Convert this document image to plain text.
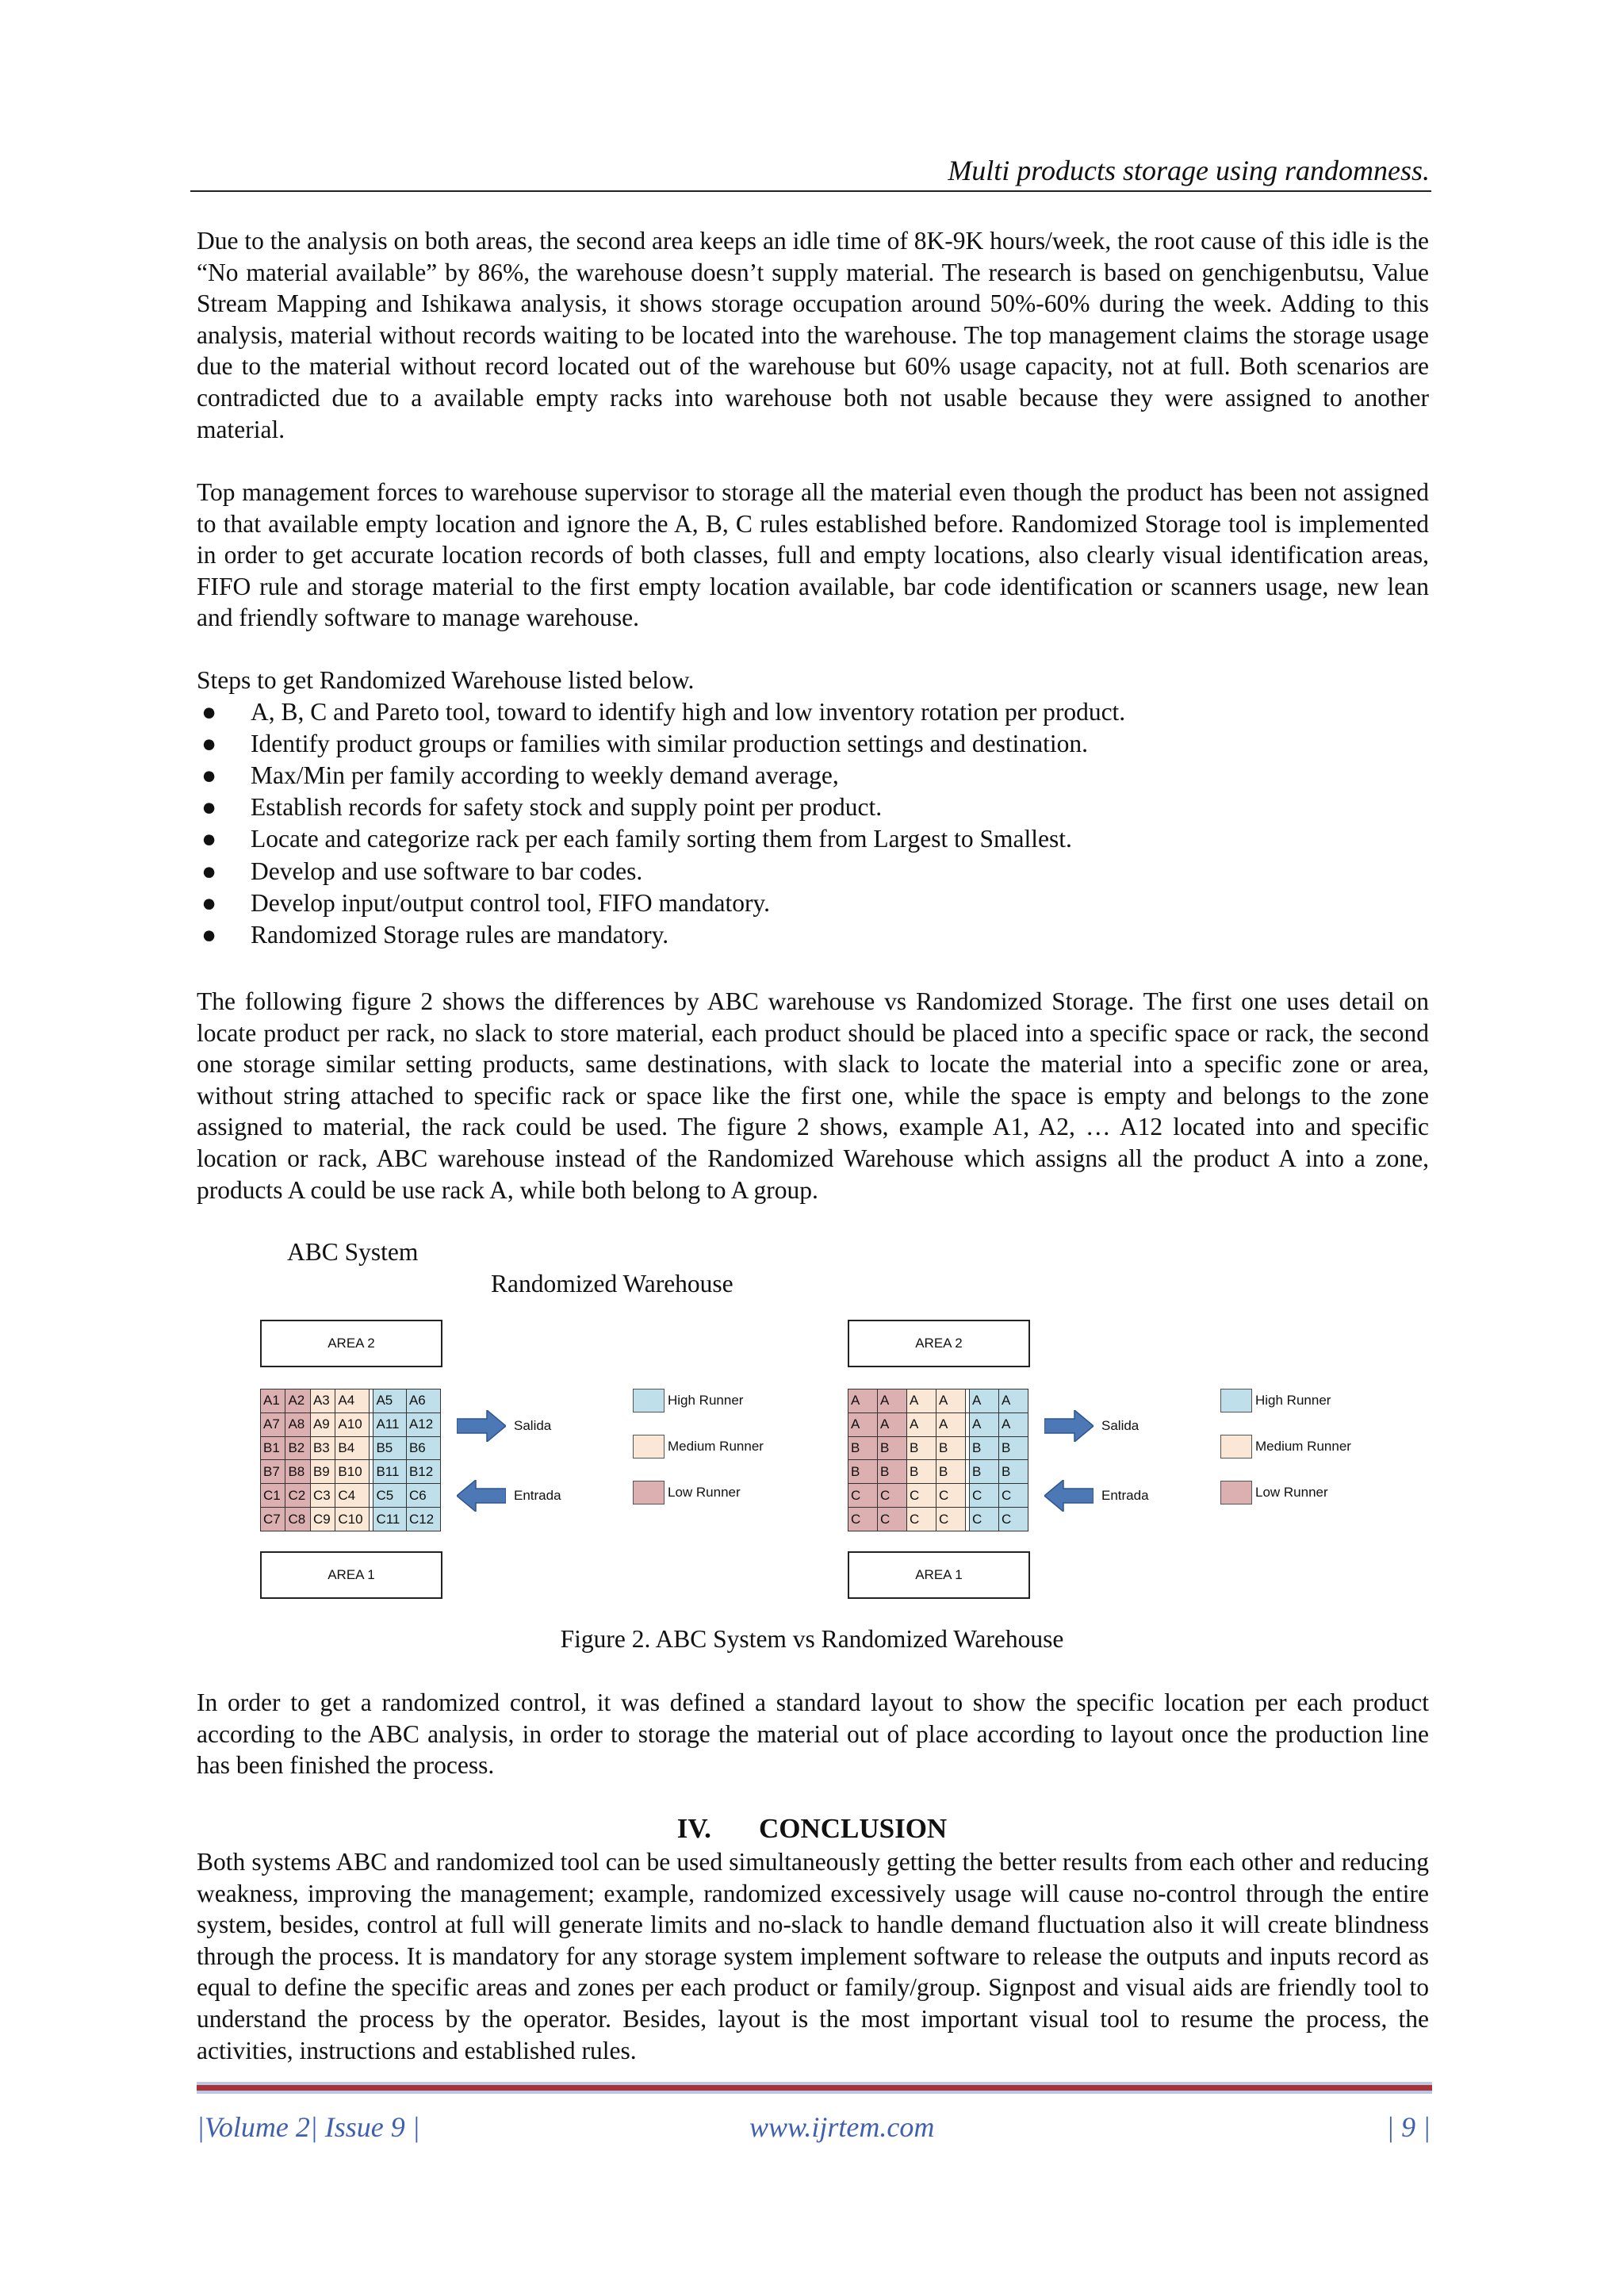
Multi products storage using randomness.

Due to the analysis on both areas, the second area keeps an idle time of 8K-9K hours/week, the root cause of this idle is the “No material available” by 86%, the warehouse doesn’t supply material. The research is based on genchigenbutsu, Value Stream Mapping and Ishikawa analysis, it shows storage occupation around 50%-60% during the week. Adding to this analysis, material without records waiting to be located into the warehouse. The top management claims the storage usage due to the material without record located out of the warehouse but 60% usage capacity, not at full. Both scenarios are contradicted due to a available empty racks into warehouse both not usable because they were assigned to another material.

Top management forces to warehouse supervisor to storage all the material even though the product has been not assigned to that available empty location and ignore the A, B, C rules established before. Randomized Storage tool is implemented in order to get accurate location records of both classes, full and empty locations, also clearly visual identification areas, FIFO rule and storage material to the first empty location available, bar code identification or scanners usage, new lean and friendly software to manage warehouse.

Steps to get Randomized Warehouse listed below.
●	A, B, C and Pareto tool, toward to identify high and low inventory rotation per product.
●	Identify product groups or families with similar production settings and destination.
●	Max/Min per family according to weekly demand average,
●	Establish records for safety stock and supply point per product.
●	Locate and categorize rack per each family sorting them from Largest to Smallest.
●	Develop and use software to bar codes.
●	Develop input/output control tool, FIFO mandatory.
●	Randomized Storage rules are mandatory.

The following figure 2 shows the differences by ABC warehouse vs Randomized Storage. The first one uses detail on locate product per rack, no slack to store material, each product should be placed into a specific space or rack, the second one storage similar setting products, same destinations, with slack to locate the material into a specific zone or area, without string attached to specific rack or space like the first one, while the space is empty and belongs to the zone assigned to material, the rack could be used. The figure 2 shows, example A1, A2, … A12 located into and specific location or rack, ABC warehouse instead of the Randomized Warehouse which assigns all the product A into a zone, products A could be use rack A, while both belong to A group.

ABC System
Randomized Warehouse
AREA 2
A1	A2	A3	A4		A5	A6
A7	A8	A9	A10		A11	A12
B1	B2	B3	B4		B5	B6
B7	B8	B9	B10		B11	B12
C1	C2	C3	C4		C5	C6
C7	C8	C9	C10		C11	C12
Salida
Entrada
High Runner
Medium Runner
Low Runner
AREA 1
AREA 2
A	A	A	A		A	A
A	A	A	A		A	A
B	B	B	B		B	B
B	B	B	B		B	B
C	C	C	C		C	C
C	C	C	C		C	C
Salida
Entrada
High Runner
Medium Runner
Low Runner
AREA 1
Figure 2. ABC System vs Randomized Warehouse

In order to get a randomized control, it was defined a standard layout to show the specific location per each product according to the ABC analysis, in order to storage the material out of place according to layout once the production line has been finished the process.

IV. CONCLUSION

Both systems ABC and randomized tool can be used simultaneously getting the better results from each other and reducing weakness, improving the management; example, randomized excessively usage will cause no-control through the entire system, besides, control at full will generate limits and no-slack to handle demand fluctuation also it will create blindness through the process. It is mandatory for any storage system implement software to release the outputs and inputs record as equal to define the specific areas and zones per each product or family/group. Signpost and visual aids are friendly tool to understand the process by the operator. Besides, layout is the most important visual tool to resume the process, the activities, instructions and established rules.

|Volume 2| Issue 9 |	www.ijrtem.com	| 9 |
